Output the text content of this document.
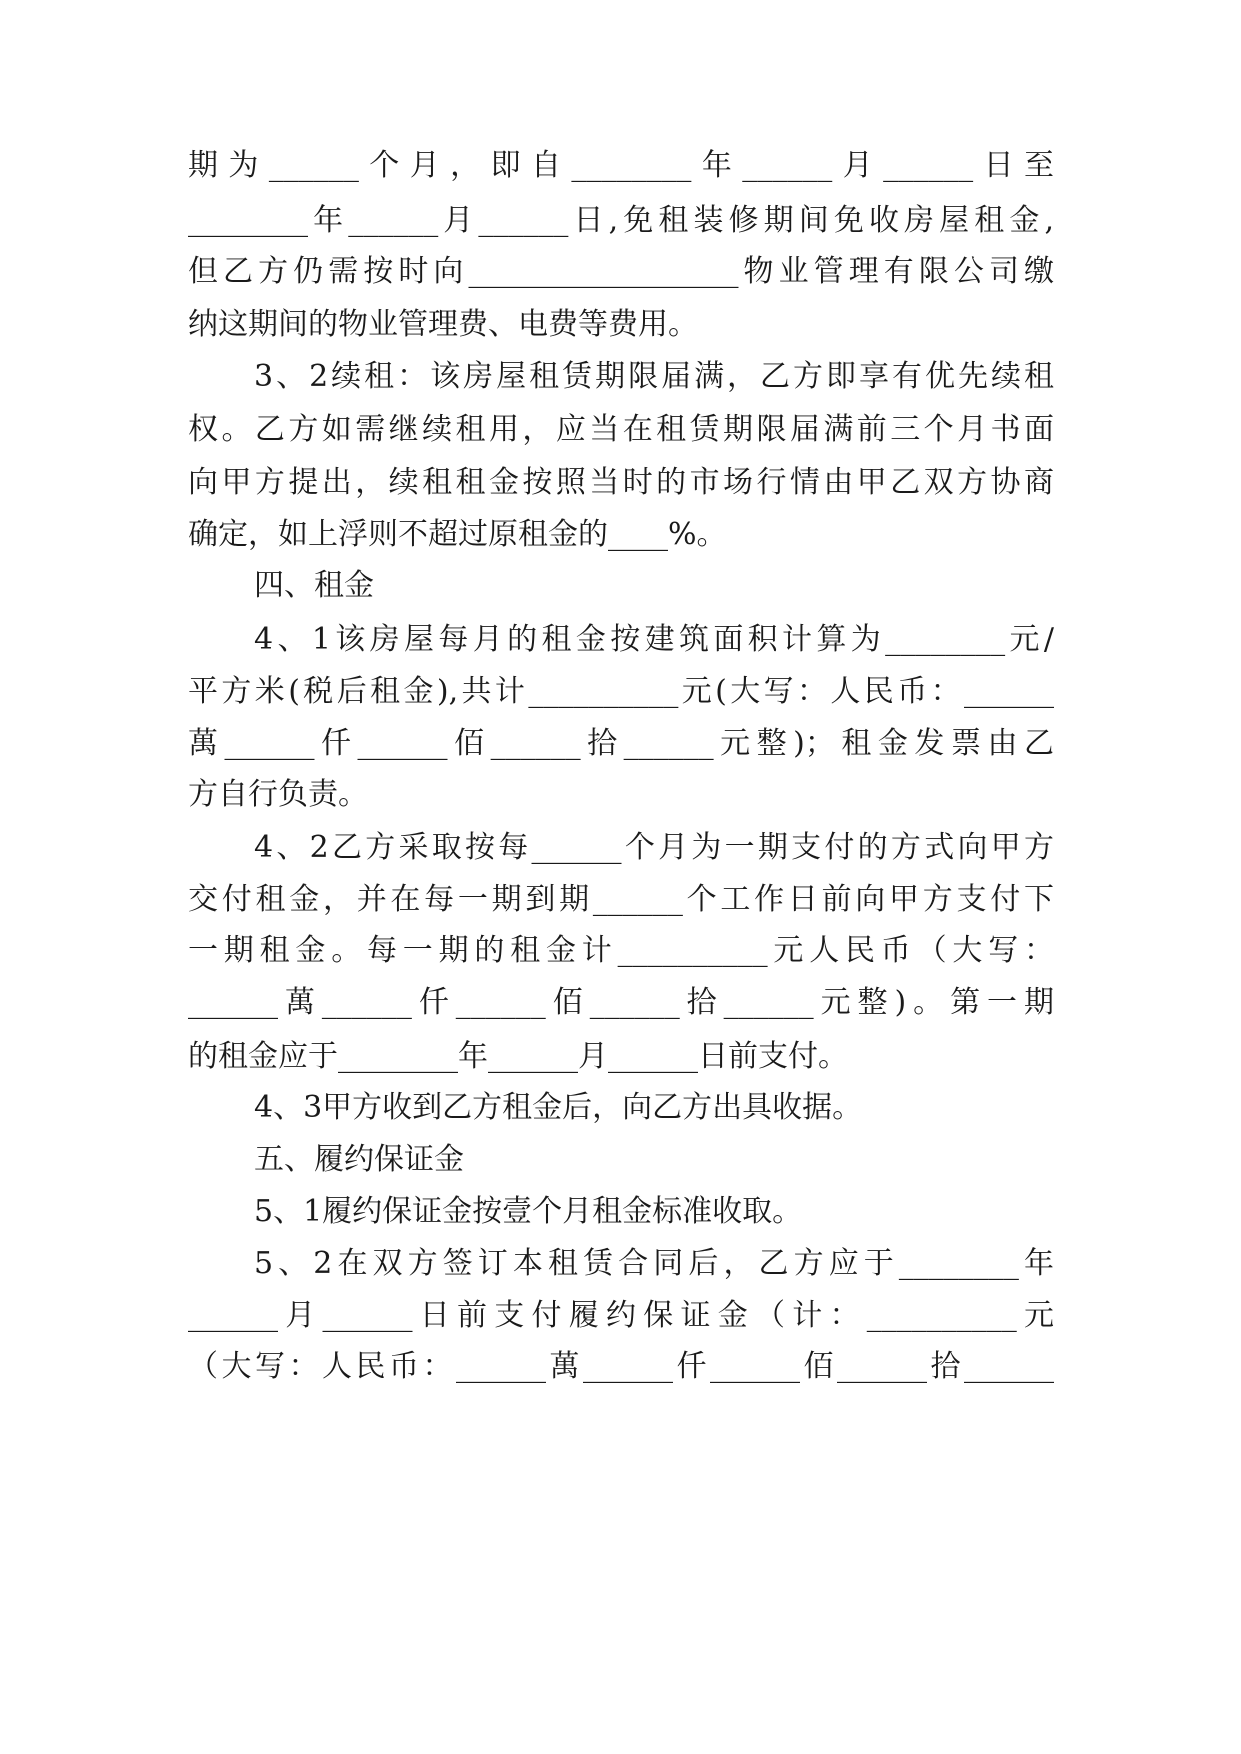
期为______个月，即自________年______月______日至
________年______月______日,免租装修期间免收房屋租金,
但乙方仍需按时向__________________物业管理有限公司缴
纳这期间的物业管理费、电费等费用。
3、2续租：该房屋租赁期限届满，乙方即享有优先续租
权。乙方如需继续租用，应当在租赁期限届满前三个月书面
向甲方提出，续租租金按照当时的市场行情由甲乙双方协商
确定，如上浮则不超过原租金的____%。
四、租金
4、1该房屋每月的租金按建筑面积计算为________元/
平方米(税后租金),共计__________元(大写：人民币：______
萬______仟______佰______拾______元整)；租金发票由乙
方自行负责。
4、2乙方采取按每______个月为一期支付的方式向甲方
交付租金，并在每一期到期______个工作日前向甲方支付下
一期租金。每一期的租金计__________元人民币（大写：
______萬______仟______佰______拾______元整)。第一期
的租金应于________年______月______日前支付。
4、3甲方收到乙方租金后，向乙方出具收据。
五、履约保证金
5、1履约保证金按壹个月租金标准收取。
5、2在双方签订本租赁合同后，乙方应于________年
______月______日前支付履约保证金（计：__________元
（大写：人民币：______萬______仟______佰______拾______
